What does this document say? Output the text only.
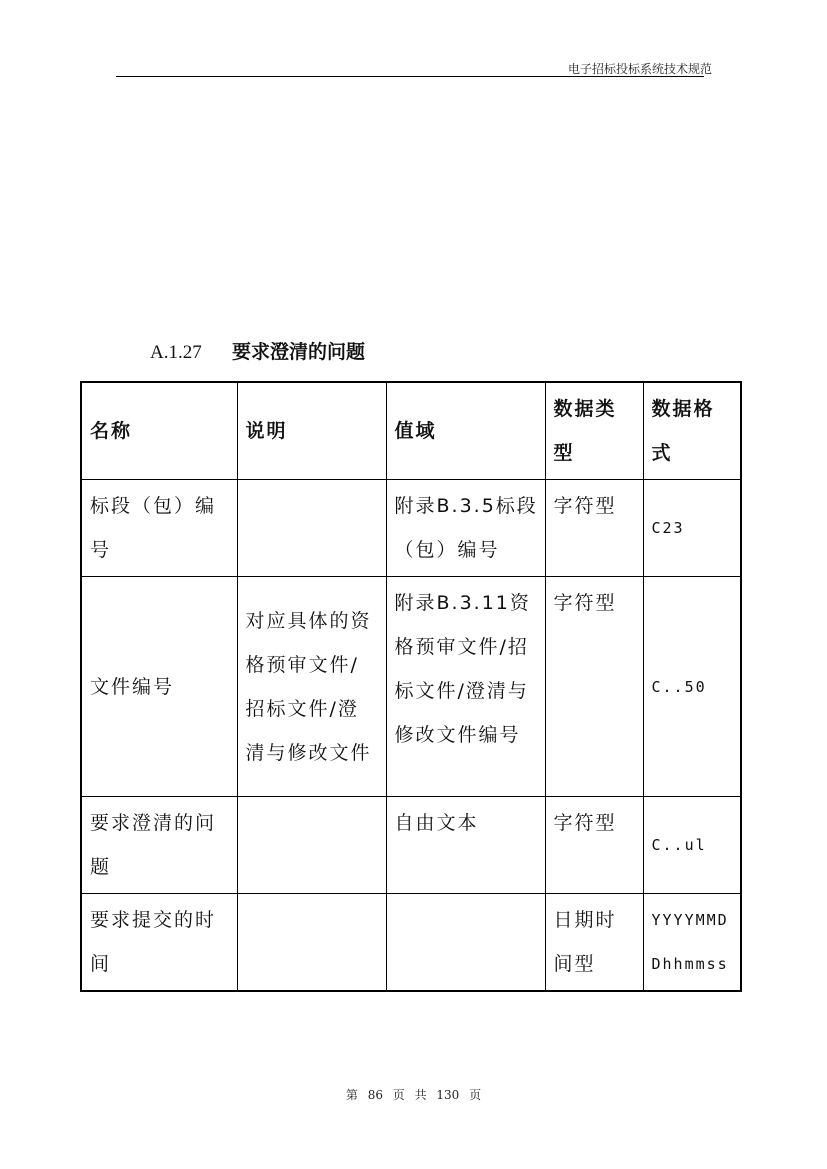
电子招标投标系统技术规范
A.1.27 要求澄清的问题
名称	说明	值域	数据类型	数据格式
标段（包）编号		附录B.3.5标段（包）编号	字符型	C23
文件编号	对应具体的资格预审文件/招标文件/澄清与修改文件	附录B.3.11资格预审文件/招标文件/澄清与修改文件编号	字符型	C..50
要求澄清的问题		自由文本	字符型	C..ul
要求提交的时间			日期时间型	YYYYMMDDhhmmss
第 86 页 共 130 页
